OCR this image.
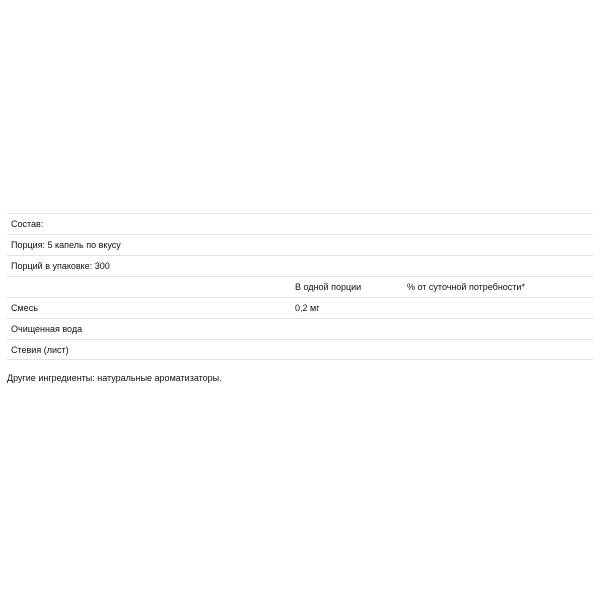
Состав:
Порция: 5 капель по вкусу
Порций в упаковке: 300
В одной порции	% от суточной потребности*
Смесь	0,2 мг
Очищенная вода
Стевия (лист)
Другие ингредиенты: натуральные ароматизаторы.
